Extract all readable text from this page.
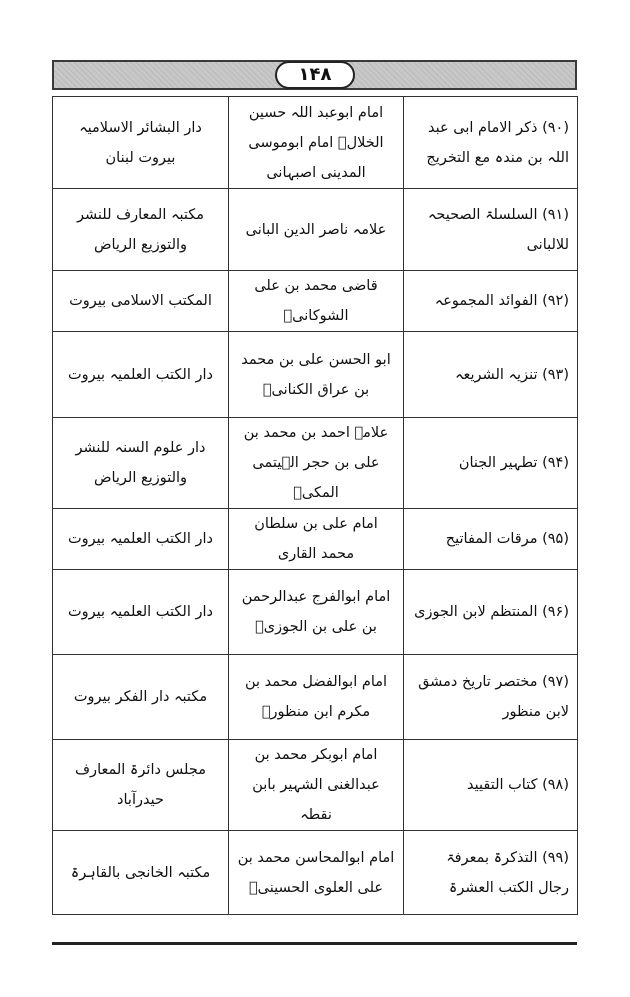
۱۴۸
(۹۰) ذکر الامام ابی عبد اللہ بن مندہ مع التخریج	امام ابوعبد اللہ حسین الخلالؒ امام ابوموسی المدینی اصبہانی	دار البشائر الاسلامیہ بیروت لبنان
(۹۱) السلسلۃ الصحیحہ للالبانی	علامہ ناصر الدین البانی	مکتبہ المعارف للنشر والتوزیع الریاض
(۹۲) الفوائد المجموعہ	قاضی محمد بن علی الشوکانیؒ	المکتب الاسلامی بیروت
(۹۳) تنزیہ الشریعہ	ابو الحسن علی بن محمد بن عراق الکنانیؒ	دار الکتب العلمیہ بیروت
(۹۴) تطہیر الجنان	علامہ احمد بن محمد بن علی بن حجر الہیتمی المکیؒ	دار علوم السنہ للنشر والتوزیع الریاض
(۹۵) مرقات المفاتیح	امام علی بن سلطان محمد القاری	دار الکتب العلمیہ بیروت
(۹۶) المنتظم لابن الجوزی	امام ابوالفرج عبدالرحمن بن علی بن الجوزیؒ	دار الکتب العلمیہ بیروت
(۹۷) مختصر تاریخ دمشق لابن منظور	امام ابوالفضل محمد بن مکرم ابن منظورؒ	مکتبہ دار الفکر بیروت
(۹۸) کتاب التقیید	امام ابوبکر محمد بن عبدالغنی الشہیر بابن نقطہ	مجلس دائرۃ المعارف حیدرآباد
(۹۹) التذکرۃ بمعرفۃ رجال الکتب العشرۃ	امام ابوالمحاسن محمد بن علی العلوی الحسینیؒ	مکتبہ الخانجی بالقاہرۃ
